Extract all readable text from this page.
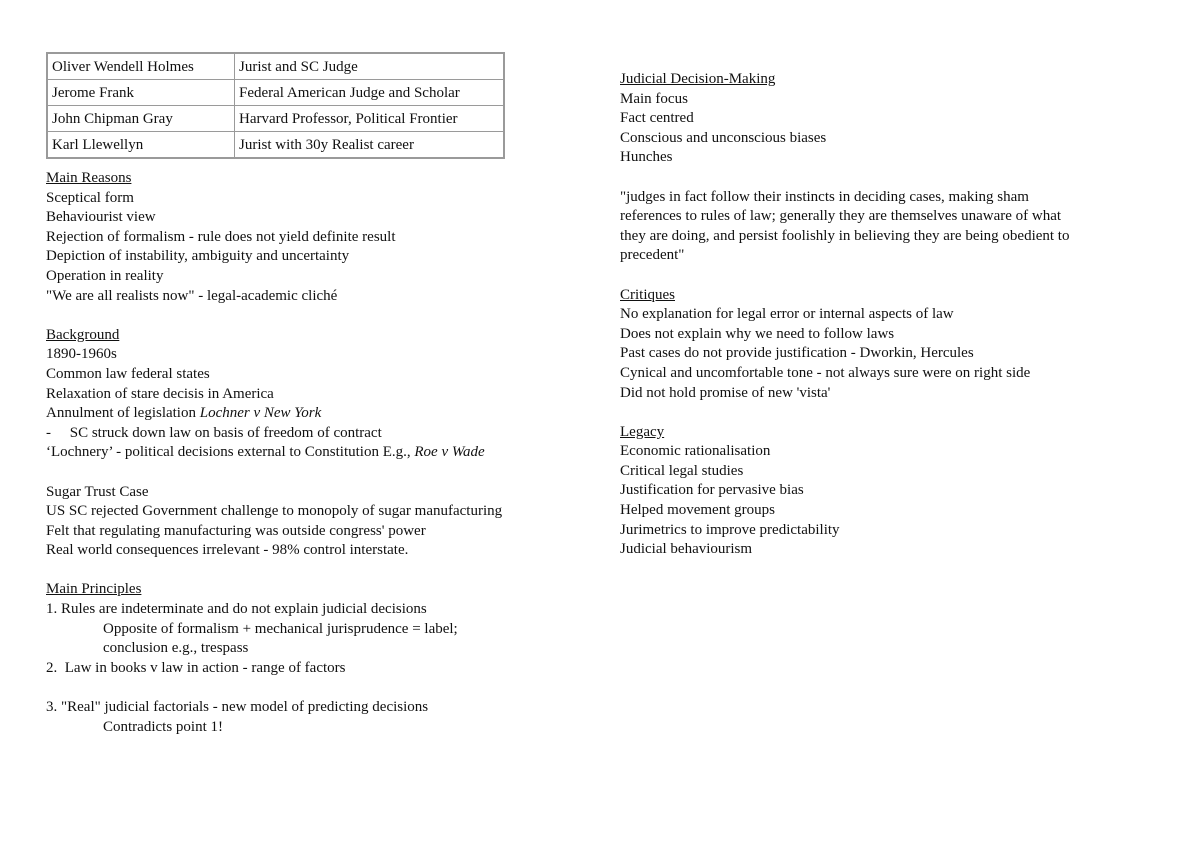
Oliver Wendell Holmes	Jurist and SC Judge
Jerome Frank	Federal American Judge and Scholar
John Chipman Gray	Harvard Professor, Political Frontier
Karl Llewellyn	Jurist with 30y Realist career
Main Reasons
Sceptical form
Behaviourist view
Rejection of formalism - rule does not yield definite result
Depiction of instability, ambiguity and uncertainty
Operation in reality
"We are all realists now" - legal-academic cliché
Background
1890-1960s
Common law federal states
Relaxation of stare decisis in America
Annulment of legislation Lochner v New York
-     SC struck down law on basis of freedom of contract
‘Lochnery’ - political decisions external to Constitution E.g., Roe v Wade
Sugar Trust Case
US SC rejected Government challenge to monopoly of sugar manufacturing
Felt that regulating manufacturing was outside congress' power
Real world consequences irrelevant - 98% control interstate.
Main Principles
1. Rules are indeterminate and do not explain judicial decisions
Opposite of formalism + mechanical jurisprudence = label;
conclusion e.g., trespass
2.  Law in books v law in action - range of factors
3. "Real" judicial factorials - new model of predicting decisions
Contradicts point 1!
Judicial Decision-Making
Main focus
Fact centred
Conscious and unconscious biases
Hunches
"judges in fact follow their instincts in deciding cases, making sham
references to rules of law; generally they are themselves unaware of what
they are doing, and persist foolishly in believing they are being obedient to
precedent"
Critiques
No explanation for legal error or internal aspects of law
Does not explain why we need to follow laws
Past cases do not provide justification - Dworkin, Hercules
Cynical and uncomfortable tone - not always sure were on right side
Did not hold promise of new 'vista'
Legacy
Economic rationalisation
Critical legal studies
Justification for pervasive bias
Helped movement groups
Jurimetrics to improve predictability
Judicial behaviourism
